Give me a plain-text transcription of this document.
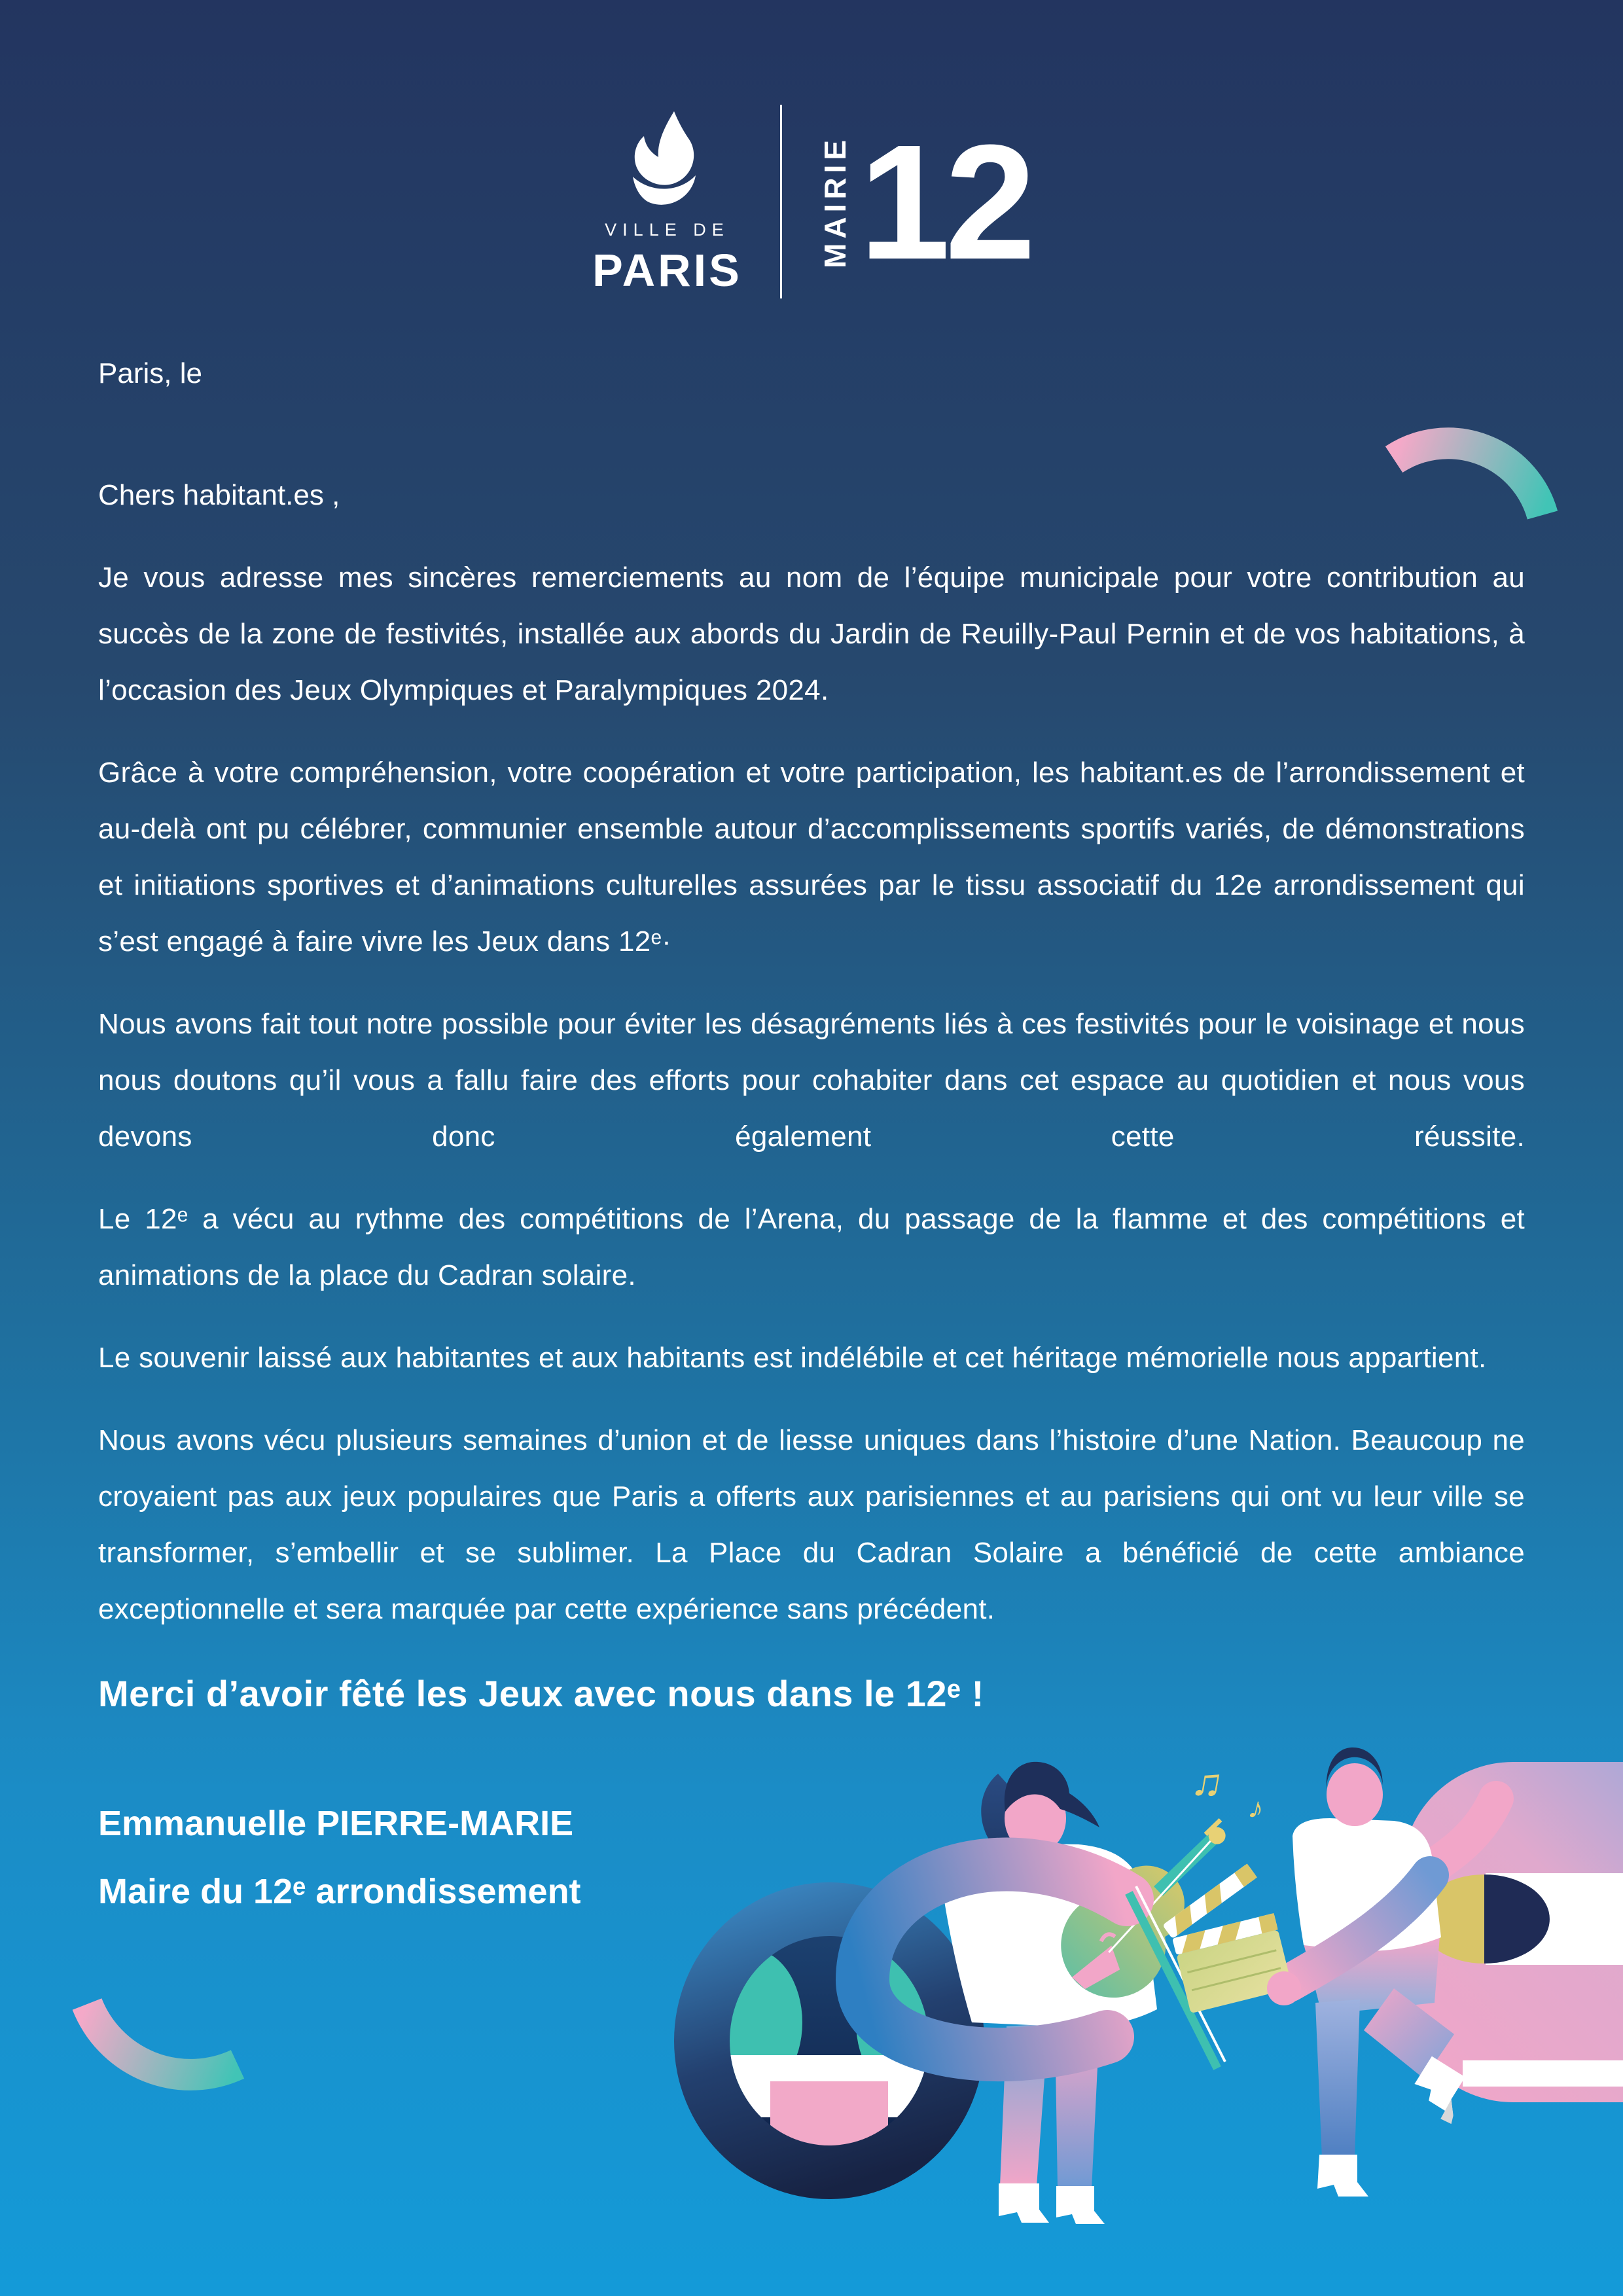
VILLE DE
PARIS
MAIRIE 12
Paris, le
Chers habitant.es ,

Je vous adresse mes sincères remerciements au nom de l’équipe municipale pour votre contribution au succès de la zone de festivités, installée aux abords du Jardin de Reuilly-Paul Pernin et de vos habitations, à l’occasion des Jeux Olympiques et Paralympiques 2024.

Grâce à votre compréhension, votre coopération et votre participation, les habitant.es de l’arrondissement et au-delà ont pu célébrer, communier ensemble autour d’accomplissements sportifs variés, de démonstrations et initiations sportives et d’animations culturelles assurées par le tissu associatif du 12e arrondissement qui s’est engagé à faire vivre les Jeux dans 12ᵉ·

Nous avons fait tout notre possible pour éviter les désagréments liés à ces festivités pour le voisinage et nous nous doutons qu’il vous a fallu faire des efforts pour cohabiter dans cet espace au quotidien et nous vous devons donc également cette réussite.

Le 12ᵉ a vécu au rythme des compétitions de l’Arena, du passage de la flamme et des compétitions et animations de la place du Cadran solaire.

Le souvenir laissé aux habitantes et aux habitants est indélébile et cet héritage mémorielle nous appartient.

Nous avons vécu plusieurs semaines d’union et de liesse uniques dans l’histoire d’une Nation. Beaucoup ne croyaient pas aux jeux populaires que Paris a offerts aux parisiennes et au parisiens qui ont vu leur ville se transformer, s’embellir et se sublimer. La Place du Cadran Solaire a bénéficié de cette ambiance exceptionnelle et sera marquée par cette expérience sans précédent.

Merci d’avoir fêté les Jeux avec nous dans le 12ᵉ !
Emmanuelle PIERRE-MARIE
Maire du 12ᵉ arrondissement
♫
♪
